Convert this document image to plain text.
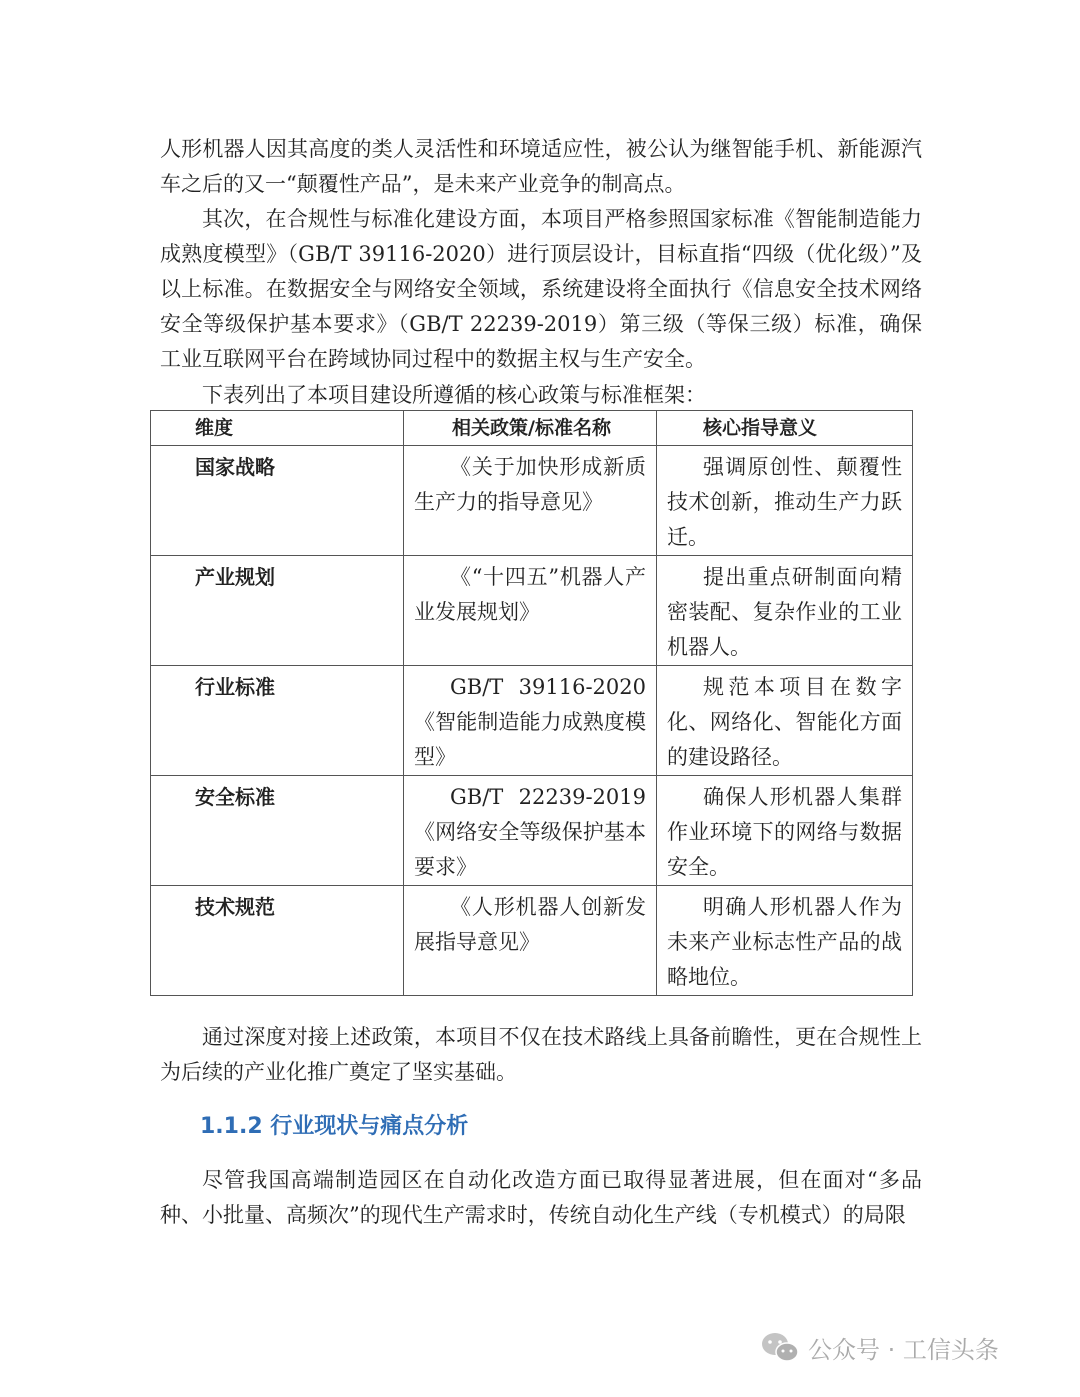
人形机器人因其高度的类人灵活性和环境适应性，被公认为继智能手机、新能源汽车之后的又一“颠覆性产品”，是未来产业竞争的制高点。

其次，在合规性与标准化建设方面，本项目严格参照国家标准《智能制造能力成熟度模型》（GB/T 39116-2020）进行顶层设计，目标直指“四级（优化级）”及以上标准。在数据安全与网络安全领域，系统建设将全面执行《信息安全技术网络安全等级保护基本要求》（GB/T 22239-2019）第三级（等保三级）标准，确保工业互联网平台在跨域协同过程中的数据主权与生产安全。

下表列出了本项目建设所遵循的核心政策与标准框架：

维度	相关政策/标准名称	核心指导意义

国家战略	《关于加快形成新质生产力的指导意见》	强调原创性、颠覆性技术创新，推动生产力跃迁。
产业规划	《“十四五”机器人产业发展规划》	提出重点研制面向精密装配、复杂作业的工业机器人。
行业标准	GB/T 39116-2020《智能制造能力成熟度模型》	规范本项目在数字化、网络化、智能化方面的建设路径。
安全标准	GB/T 22239-2019《网络安全等级保护基本要求》	确保人形机器人集群作业环境下的网络与数据安全。
技术规范	《人形机器人创新发展指导意见》	明确人形机器人作为未来产业标志性产品的战略地位。

通过深度对接上述政策，本项目不仅在技术路线上具备前瞻性，更在合规性上为后续的产业化推广奠定了坚实基础。

1.1.2 行业现状与痛点分析

尽管我国高端制造园区在自动化改造方面已取得显著进展，但在面对“多品种、小批量、高频次”的现代生产需求时，传统自动化生产线（专机模式）的局限

公众号 · 工信头条
